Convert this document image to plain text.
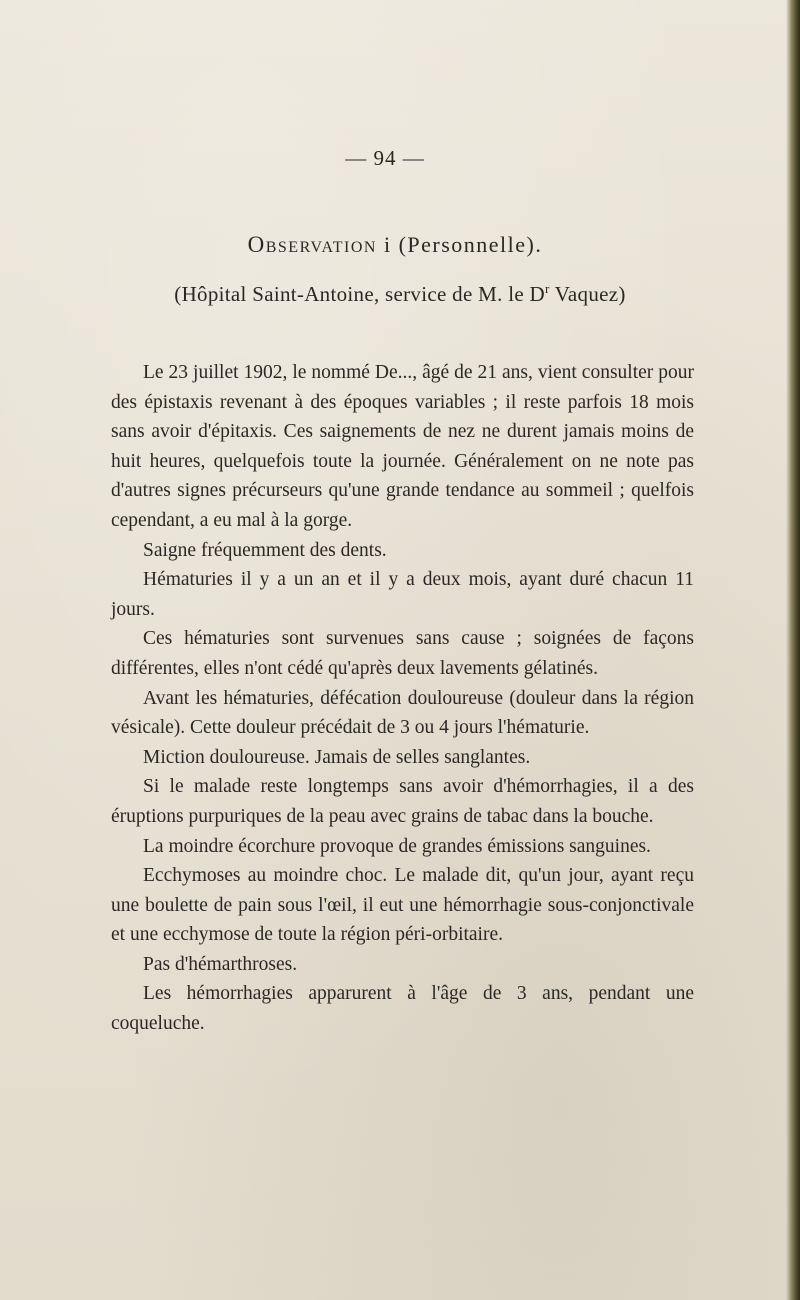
— 94 —
Observation i (Personnelle).
(Hôpital Saint-Antoine, service de M. le $D^r$ Vaquez)

Le 23 juillet 1902, le nommé De..., âgé de 21 ans, vient consulter pour des épistaxis revenant à des époques variables ; il reste parfois 18 mois sans avoir d'épitaxis. Ces saignements de nez ne durent jamais moins de huit heures, quelquefois toute la journée. Généralement on ne note pas d'autres signes précurseurs qu'une grande tendance au sommeil ; quelfois cependant, a eu mal à la gorge.

Saigne fréquemment des dents.

Hématuries il y a un an et il y a deux mois, ayant duré chacun 11 jours.

Ces hématuries sont survenues sans cause ; soignées de façons différentes, elles n'ont cédé qu'après deux lavements gélatinés.

Avant les hématuries, défécation douloureuse (douleur dans la région vésicale). Cette douleur précédait de 3 ou 4 jours l'hématurie.

Miction douloureuse. Jamais de selles sanglantes.

Si le malade reste longtemps sans avoir d'hémorrhagies, il a des éruptions purpuriques de la peau avec grains de tabac dans la bouche.

La moindre écorchure provoque de grandes émissions sanguines.

Ecchymoses au moindre choc. Le malade dit, qu'un jour, ayant reçu une boulette de pain sous l'œil, il eut une hémorrhagie sous-conjonctivale et une ecchymose de toute la région péri-orbitaire.

Pas d'hémarthroses.

Les hémorrhagies apparurent à l'âge de 3 ans, pendant une coqueluche.
